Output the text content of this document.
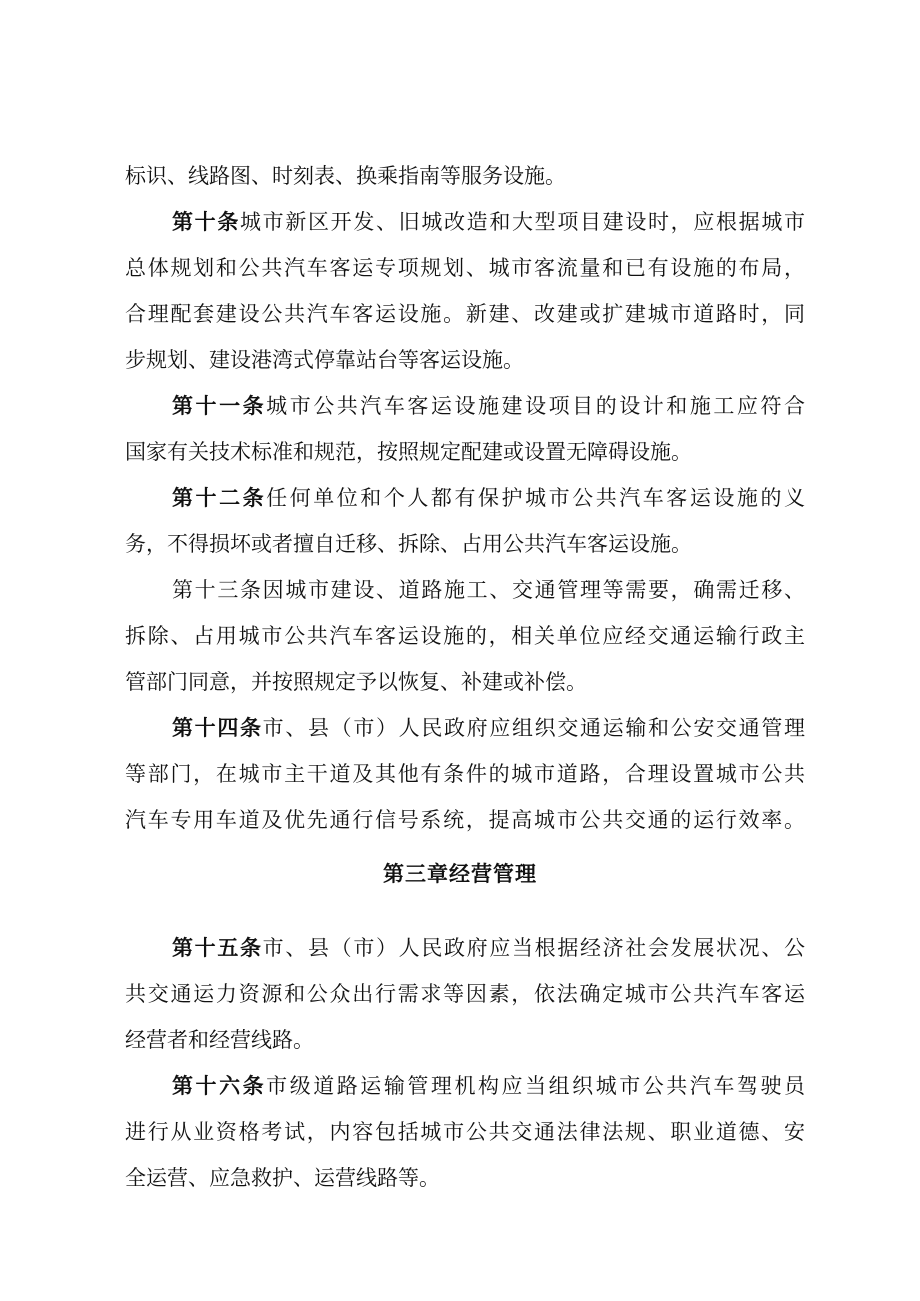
标识、线路图、时刻表、换乘指南等服务设施。
第十条城市新区开发、旧城改造和大型项目建设时，应根据城市
总体规划和公共汽车客运专项规划、城市客流量和已有设施的布局，
合理配套建设公共汽车客运设施。新建、改建或扩建城市道路时，同
步规划、建设港湾式停靠站台等客运设施。
第十一条城市公共汽车客运设施建设项目的设计和施工应符合
国家有关技术标准和规范，按照规定配建或设置无障碍设施。
第十二条任何单位和个人都有保护城市公共汽车客运设施的义
务，不得损坏或者擅自迁移、拆除、占用公共汽车客运设施。
第十三条因城市建设、道路施工、交通管理等需要，确需迁移、
拆除、占用城市公共汽车客运设施的，相关单位应经交通运输行政主
管部门同意，并按照规定予以恢复、补建或补偿。
第十四条市、县（市）人民政府应组织交通运输和公安交通管理
等部门，在城市主干道及其他有条件的城市道路，合理设置城市公共
汽车专用车道及优先通行信号系统，提高城市公共交通的运行效率。
第三章经营管理
第十五条市、县（市）人民政府应当根据经济社会发展状况、公
共交通运力资源和公众出行需求等因素，依法确定城市公共汽车客运
经营者和经营线路。
第十六条市级道路运输管理机构应当组织城市公共汽车驾驶员
进行从业资格考试，内容包括城市公共交通法律法规、职业道德、安
全运营、应急救护、运营线路等。
